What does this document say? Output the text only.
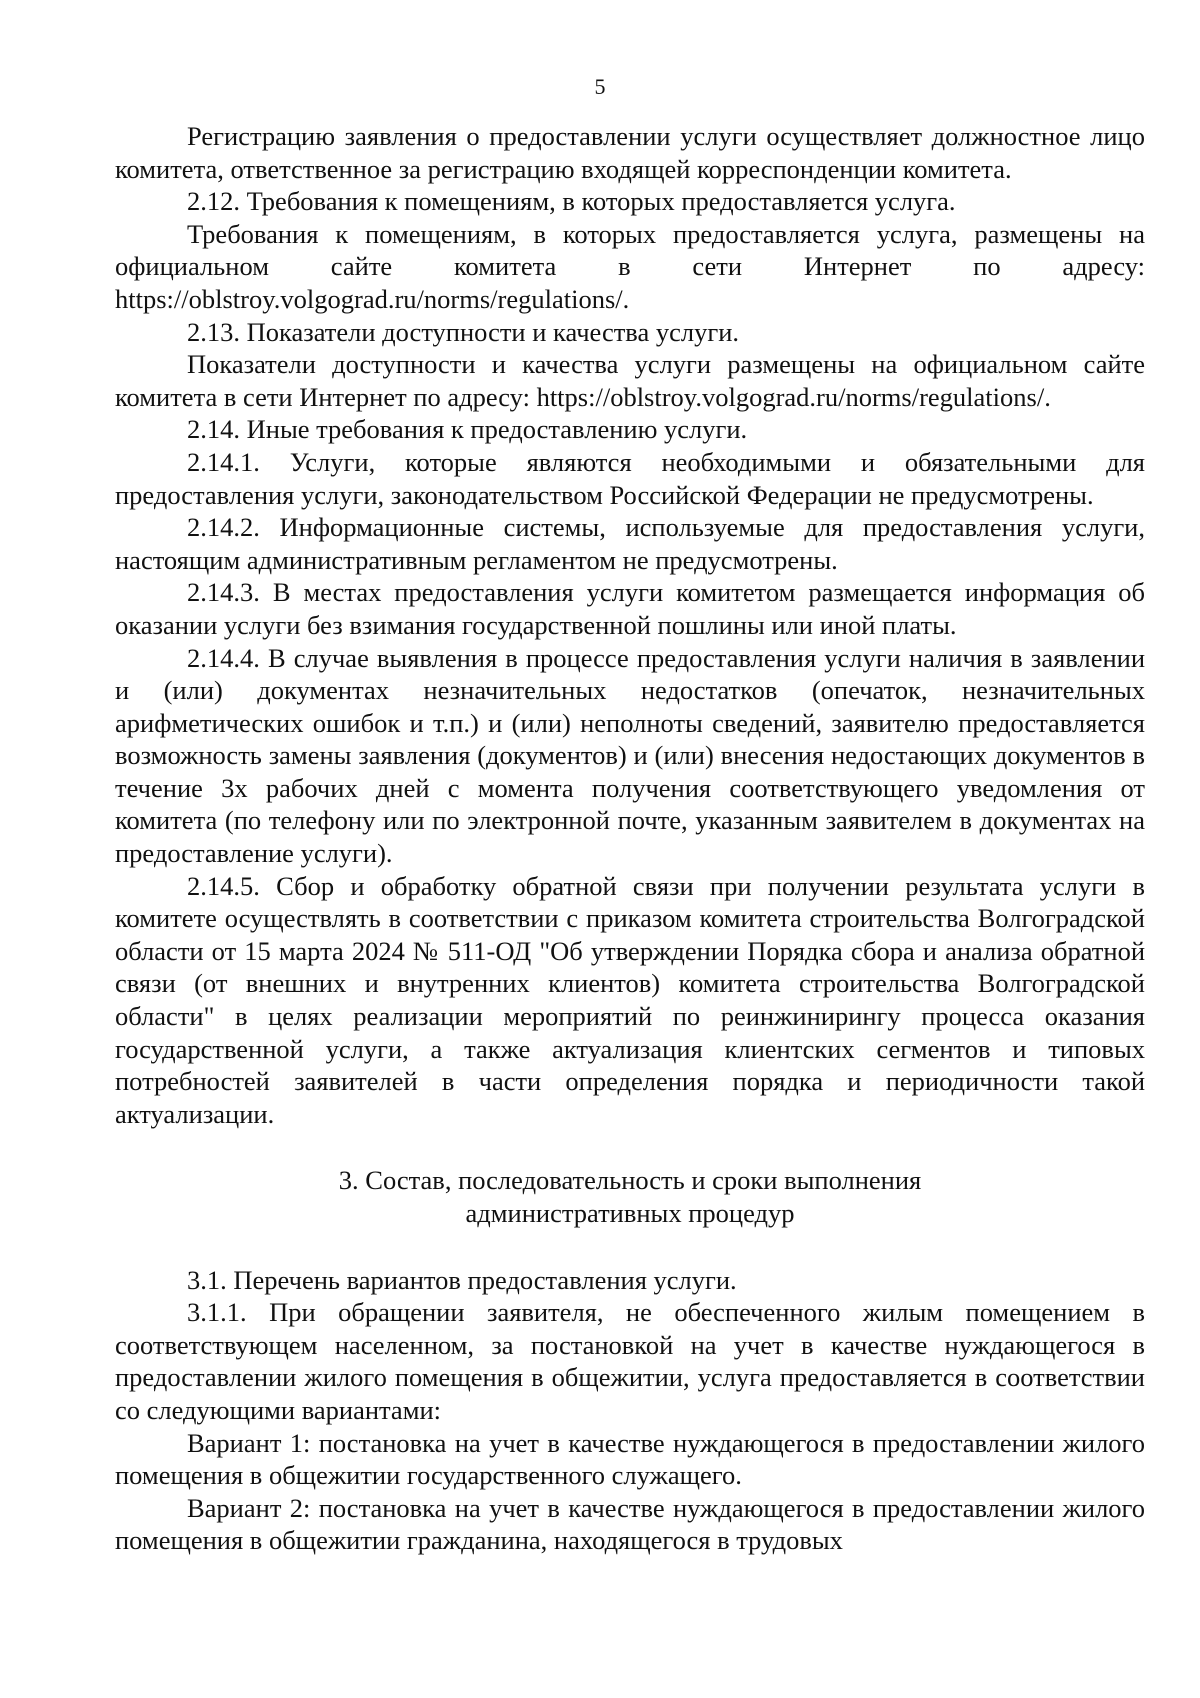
5

Регистрацию заявления о предоставлении услуги осуществляет должностное лицо комитета, ответственное за регистрацию входящей корреспонденции комитета.

2.12. Требования к помещениям, в которых предоставляется услуга.

Требования к помещениям, в которых предоставляется услуга, размещены на официальном сайте комитета в сети Интернет по адресу: https://oblstroy.volgograd.ru/norms/regulations/.

2.13. Показатели доступности и качества услуги.

Показатели доступности и качества услуги размещены на официальном сайте комитета в сети Интернет по адресу: https://oblstroy.volgograd.ru/norms/regulations/.

2.14. Иные требования к предоставлению услуги.

2.14.1. Услуги, которые являются необходимыми и обязательными для предоставления услуги, законодательством Российской Федерации не предусмотрены.

2.14.2. Информационные системы, используемые для предоставления услуги, настоящим административным регламентом не предусмотрены.

2.14.3. В местах предоставления услуги комитетом размещается информация об оказании услуги без взимания государственной пошлины или иной платы.

2.14.4. В случае выявления в процессе предоставления услуги наличия в заявлении и (или) документах незначительных недостатков (опечаток, незначительных арифметических ошибок и т.п.) и (или) неполноты сведений, заявителю предоставляется возможность замены заявления (документов) и (или) внесения недостающих документов в течение 3х рабочих дней с момента получения соответствующего уведомления от комитета (по телефону или по электронной почте, указанным заявителем в документах на предоставление услуги).

2.14.5. Сбор и обработку обратной связи при получении результата услуги в комитете осуществлять в соответствии с приказом комитета строительства Волгоградской области от 15 марта 2024 № 511-ОД "Об утверждении Порядка сбора и анализа обратной связи (от внешних и внутренних клиентов) комитета строительства Волгоградской области" в целях реализации мероприятий по реинжинирингу процесса оказания государственной услуги, а также актуализация клиентских сегментов и типовых потребностей заявителей в части определения порядка и периодичности такой актуализации.

3. Состав, последовательность и сроки выполнения
административных процедур

3.1. Перечень вариантов предоставления услуги.

3.1.1. При обращении заявителя, не обеспеченного жилым помещением в соответствующем населенном, за постановкой на учет в качестве нуждающегося в предоставлении жилого помещения в общежитии, услуга предоставляется в соответствии со следующими вариантами:

Вариант 1: постановка на учет в качестве нуждающегося в предоставлении жилого помещения в общежитии государственного служащего.

Вариант 2: постановка на учет в качестве нуждающегося в предоставлении жилого помещения в общежитии гражданина, находящегося в трудовых
